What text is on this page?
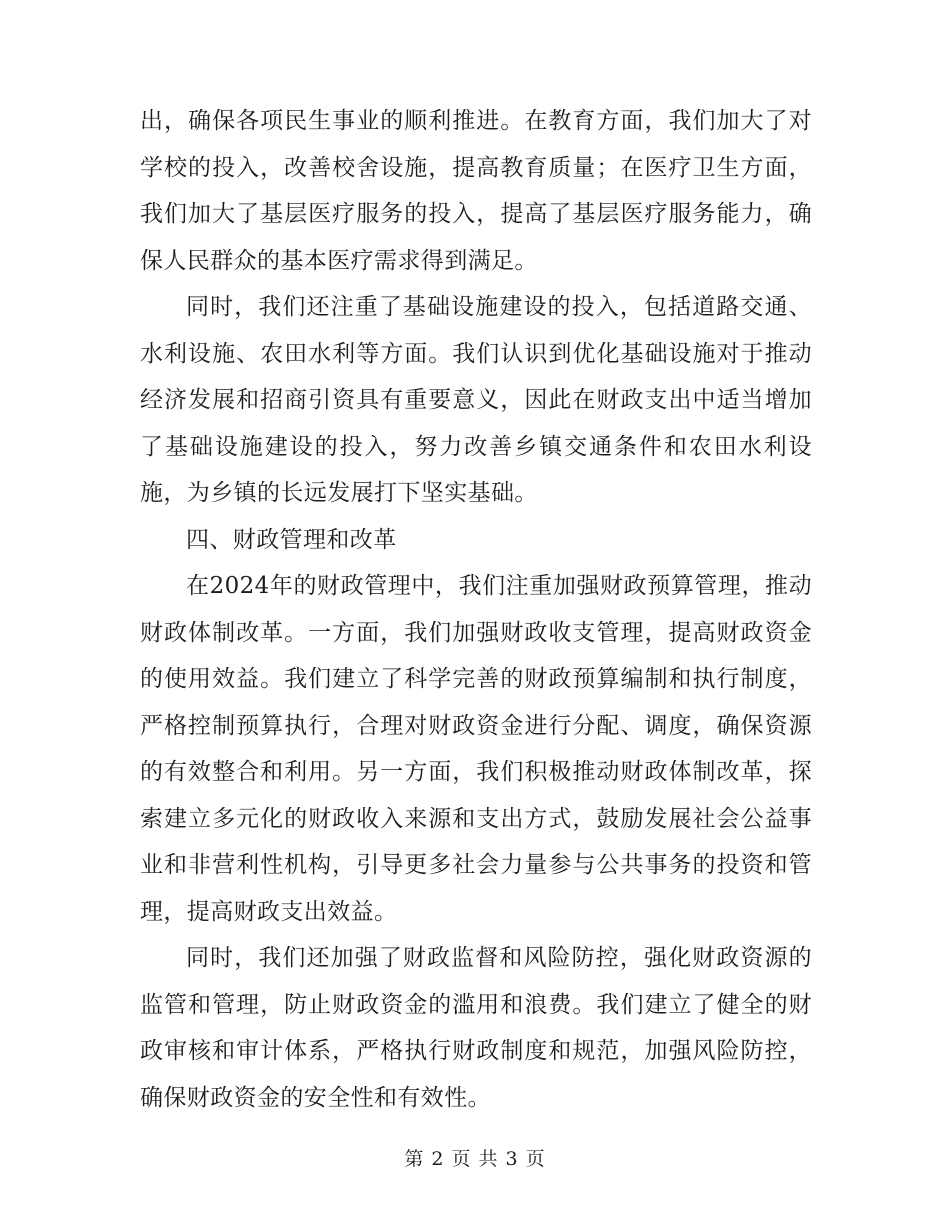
出，确保各项民生事业的顺利推进。在教育方面，我们加大了对学校的投入，改善校舍设施，提高教育质量；在医疗卫生方面，我们加大了基层医疗服务的投入，提高了基层医疗服务能力，确保人民群众的基本医疗需求得到满足。

同时，我们还注重了基础设施建设的投入，包括道路交通、水利设施、农田水利等方面。我们认识到优化基础设施对于推动经济发展和招商引资具有重要意义，因此在财政支出中适当增加了基础设施建设的投入，努力改善乡镇交通条件和农田水利设施，为乡镇的长远发展打下坚实基础。

四、财政管理和改革

在2024年的财政管理中，我们注重加强财政预算管理，推动财政体制改革。一方面，我们加强财政收支管理，提高财政资金的使用效益。我们建立了科学完善的财政预算编制和执行制度，严格控制预算执行，合理对财政资金进行分配、调度，确保资源的有效整合和利用。另一方面，我们积极推动财政体制改革，探索建立多元化的财政收入来源和支出方式，鼓励发展社会公益事业和非营利性机构，引导更多社会力量参与公共事务的投资和管理，提高财政支出效益。

同时，我们还加强了财政监督和风险防控，强化财政资源的监管和管理，防止财政资金的滥用和浪费。我们建立了健全的财政审核和审计体系，严格执行财政制度和规范，加强风险防控，确保财政资金的安全性和有效性。

第 2 页 共 3 页
